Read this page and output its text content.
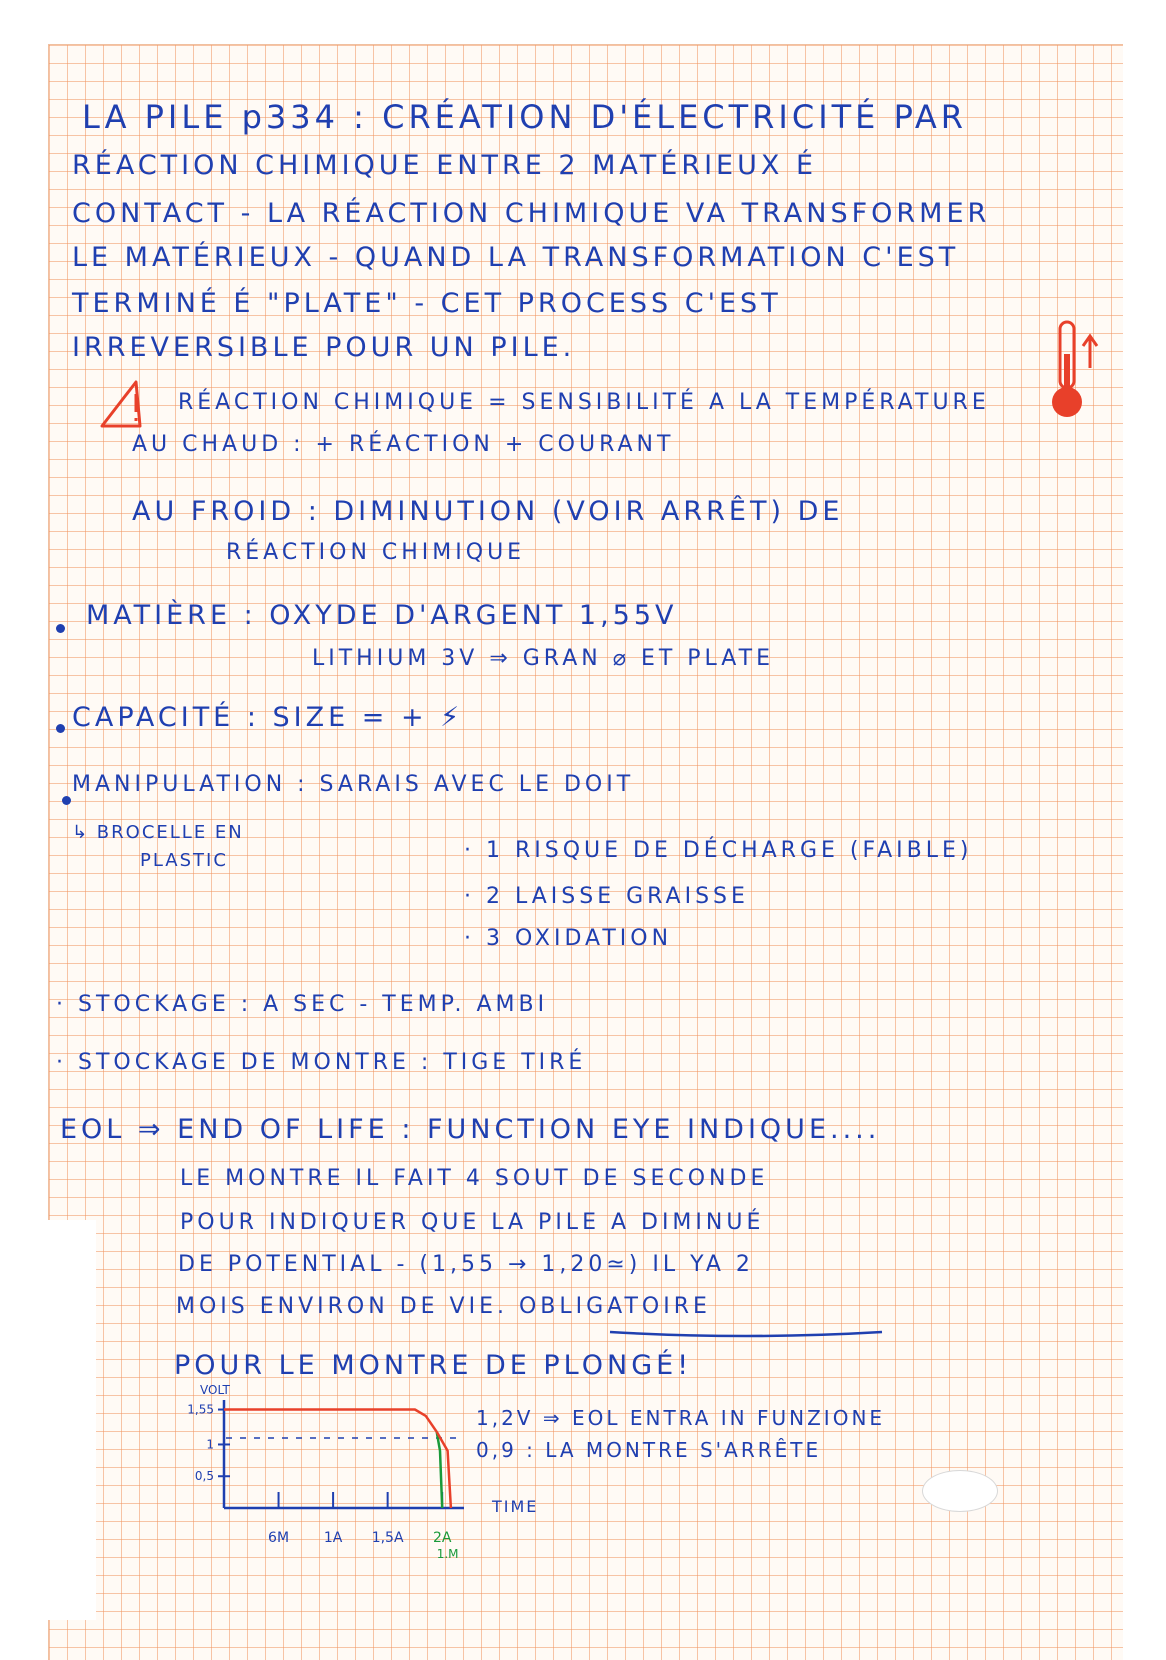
LA PILE p334 : CRÉATION D'ÉLECTRICITÉ PAR

RÉACTION CHIMIQUE ENTRE 2 MATÉRIEUX É

CONTACT - LA RÉACTION CHIMIQUE VA TRANSFORMER

LE MATÉRIEUX - QUAND LA TRANSFORMATION C'EST

TERMINÉ É "PLATE" - CET PROCESS C'EST

IRREVERSIBLE POUR UN PILE.

RÉACTION CHIMIQUE = SENSIBILITÉ A LA TEMPÉRATURE

AU CHAUD : + RÉACTION + COURANT

AU FROID : DIMINUTION (VOIR ARRÊT) DE

RÉACTION CHIMIQUE

MATIÈRE : OXYDE D'ARGENT 1,55V

LITHIUM 3V ⇒ GRAN ⌀ ET PLATE

CAPACITÉ : SIZE = + ⚡

MANIPULATION : SARAIS AVEC LE DOIT

↳ BROCELLE EN

PLASTIC	· 1 RISQUE DE DÉCHARGE (FAIBLE)

· 2 LAISSE GRAISSE

· 3 OXIDATION

· STOCKAGE : A SEC - TEMP. AMBI

· STOCKAGE DE MONTRE : TIGE TIRÉ

EOL ⇒ END OF LIFE : FUNCTION EYE INDIQUE....

LE MONTRE IL FAIT 4 SOUT DE SECONDE

POUR INDIQUER QUE LA PILE A DIMINUÉ

DE POTENTIAL - (1,55 → 1,20≃) IL YA 2

MOIS ENVIRON DE VIE. OBLIGATOIRE

POUR LE MONTRE DE PLONGÉ!

VOLT
TIME
1,55
1
0,5
6M 1A 1,5A 2A
1.M

1,2V ⇒ EOL ENTRA IN FUNZIONE

0,9 : LA MONTRE S'ARRÊTE
